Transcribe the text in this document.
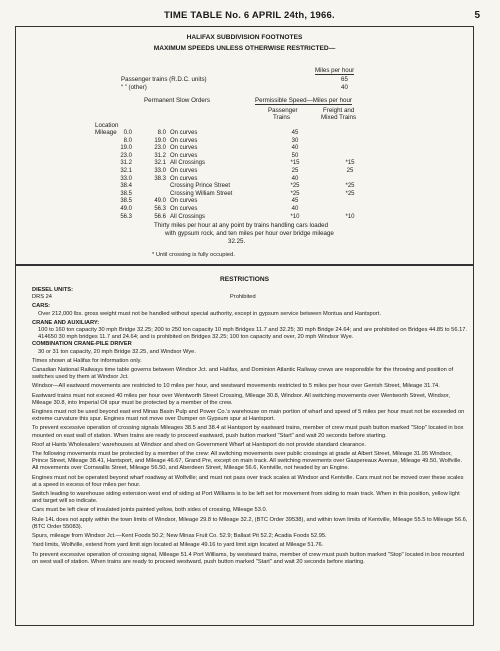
TIME TABLE No. 6 APRIL 24th, 1966.	5
HALIFAX SUBDIVISION FOOTNOTES
MAXIMUM SPEEDS UNLESS OTHERWISE RESTRICTED—
Miles per hour
Passenger trains (R.D.C. units)	65
“ ” (other)	40
Permanent Slow Orders	Permissible Speed—Miles per hour
Passenger
Trains
Freight and
Mixed Trains
Location
Mileage 0.0	8.0	On curves	45	
8.0	19.0	On curves	30	
19.0	23.0	On curves	40	
23.0	31.2	On curves	50	
31.2	32.1	All Crossings	*15	*15
32.1	33.0	On curves	25	25
33.0	38.3	On curves	40	
38.4		Crossing Prince Street	*25	*25
38.5		Crossing William Street	*25	*25
38.5	49.0	On curves	45	
49.0	56.3	On curves	40	
56.3	56.6	All Crossings	*10	*10
Thirty miles per hour at any point by trains handling cars loaded
with gypsum rock, and ten miles per hour over bridge mileage
32.25.
* Until crossing is fully occupied.
RESTRICTIONS

DIESEL UNITS:

DRS 24	Prohibited

CARS:

Over 212,000 lbs. gross weight must not be handled without special authority, except in gypsum service between Montua and Hantsport.

CRANE AND AUXILIARY:

100 to 160 ton capacity 30 mph Bridge 32.25; 200 to 250 ton capacity 10 mph Bridges 11.7 and 32.25; 30 mph Bridge 24.64; and are prohibited on Bridges 44.85 to 56.17. 414650 30 mph bridges 11.7 and 24.64; and is prohibited on Bridges 32.25; 100 ton capacity and over, 20 mph Windsor Wye.

COMBINATION CRANE-PILE DRIVER

30 or 31 ton capacity, 20 mph Bridge 32.25, and Windsor Wye.

Times shown at Halifax for information only.

Canadian National Railways time table governs between Windsor Jct. and Halifax, and Dominion Atlantic Railway crews are responsible for the throwing and position of switches used by them at Windsor Jct.

Windsor—All eastward movements are restricted to 10 miles per hour, and westward movements restricted to 5 miles per hour over Gerrish Street, Mileage 31.74.

Eastward trains must not exceed 40 miles per hour over Wentworth Street Crossing, Mileage 30.8, Windsor. All switching movements over Wentworth Street, Windsor, Mileage 30.8, into Imperial Oil spur must be protected by a member of the crew.

Engines must not be used beyond east end Minas Basin Pulp and Power Co.'s warehouse on main portion of wharf and speed of 5 miles per hour must not be exceeded on extreme curvature this spur. Engines must not move over Dumper on Gypsum spur at Hantsport.

To prevent excessive operation of crossing signals Mileages 38.5 and 38.4 at Hantsport by eastward trains, member of crew must push button marked "Stop" located in box mounted on east wall of station. When trains are ready to proceed eastward, push button marked "Start" and wait 20 seconds before starting.

Roof at Hants Wholesalers' warehouses at Windsor and shed on Government Wharf at Hantsport do not provide standard clearance.

The following movements must be protected by a member of the crew: All switching movements over public crossings at grade at Albert Street, Mileage 31.95 Windsor, Prince Street, Mileage 38.41, Hantsport, and Mileage 46.67, Grand Pre, except on main track. All switching movements over Gaspereaux Avenue, Mileage 49.50, Wolfville. All movements over Cornwallis Street, Mileage 56.50, and Aberdeen Street, Mileage 56.6, Kentville, not headed by an Engine.

Engines must not be operated beyond wharf roadway at Wolfville; and must not pass over track scales at Windsor and Kentville. Cars must not be moved over these scales at a speed in excess of four miles per hour.

Switch leading to warehouse siding extension west end of siding at Port Williams is to be left set for movement from siding to main track. When in this position, yellow light and target will so indicate.

Cars must be left clear of insulated joints painted yellow, both sides of crossing, Mileage 53.0.

Rule 14L does not apply within the town limits of Windsor, Mileage 29.8 to Mileage 32.2, (BTC Order 39538), and within town limits of Kentville, Mileage 55.5 to Mileage 56.6, (BTC Order 55083).

Spurs, mileage from Windsor Jct.—Kent Foods 50.2; New Minas Fruit Co. 52.9; Ballast Pit 52.2; Acadia Foods 52.95.

Yard limits, Wolfville, extend from yard limit sign located at Mileage 49.16 to yard limit sign located at Mileage 51.76.

To prevent excessive operation of crossing signal, Mileage 51.4 Port Williams, by westward trains, member of crew must push button marked "Stop" located in box mounted on west wall of station. When trains are ready to proceed westward, push button marked "Start" and wait 20 seconds before starting.
